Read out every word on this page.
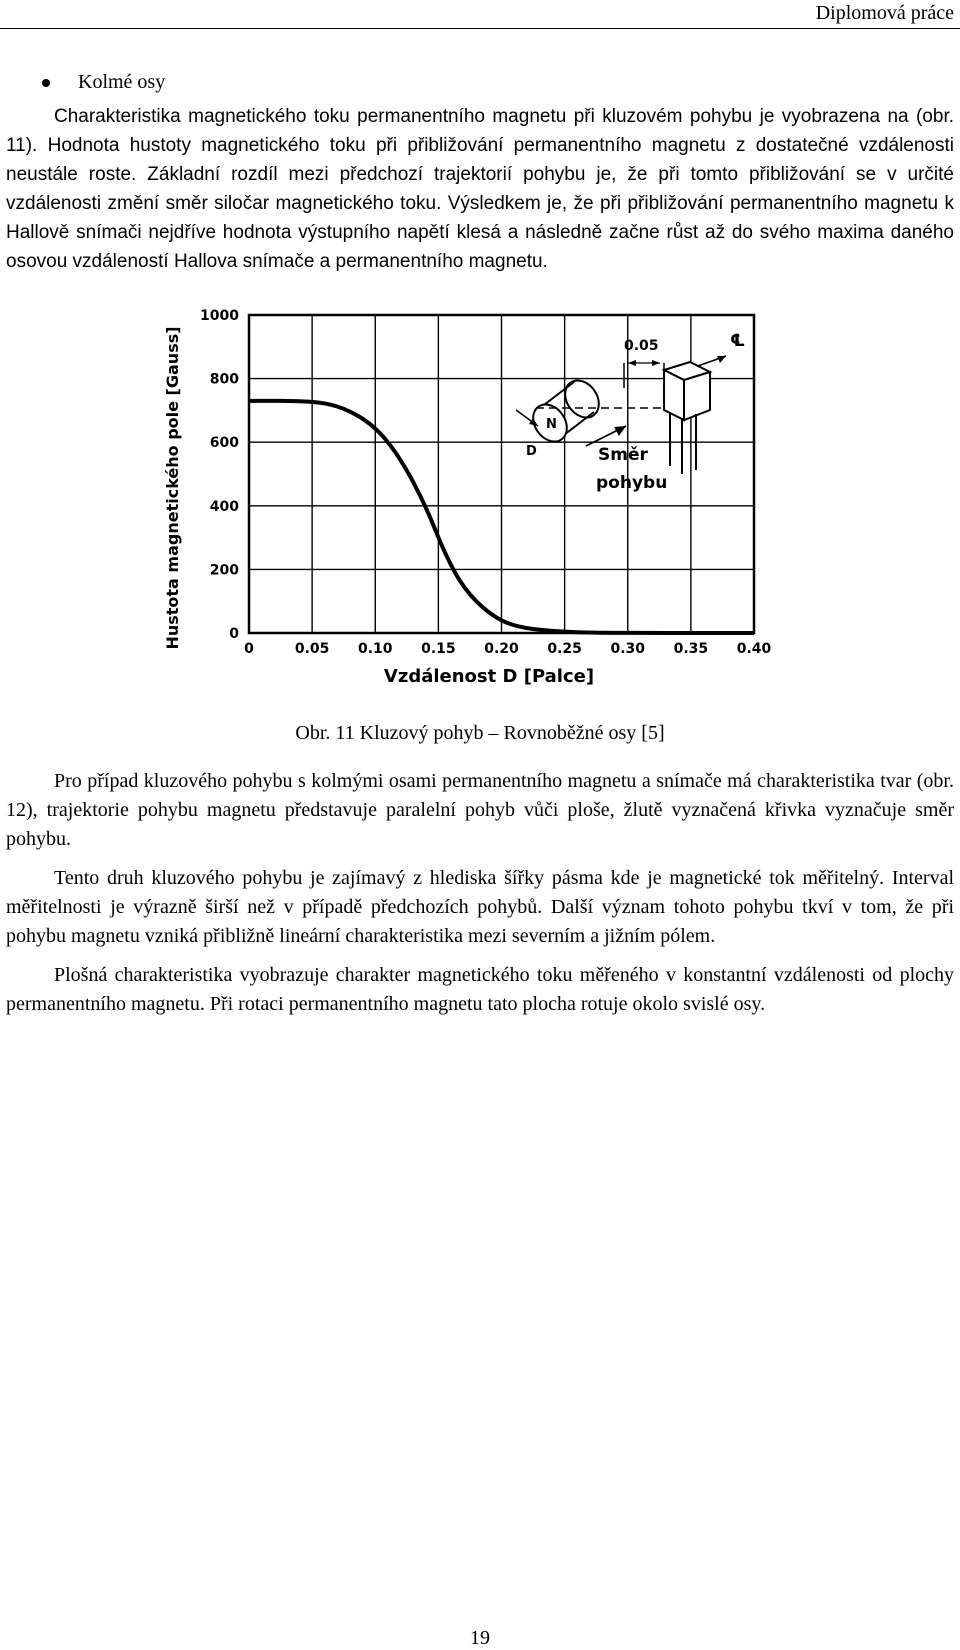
Diplomová práce

Kolmé osy

Charakteristika magnetického toku permanentního magnetu při kluzovém pohybu je vyobrazena na (obr. 11). Hodnota hustoty magnetického toku při přibližování permanentního magnetu z dostatečné vzdálenosti neustále roste. Základní rozdíl mezi předchozí trajektorií pohybu je, že při tomto přibližování se v určité vzdálenosti změní směr siločar magnetického toku. Výsledkem je, že při přibližování permanentního magnetu k Hallově snímači nejdříve hodnota výstupního napětí klesá a následně začne růst až do svého maxima daného osovou vzdáleností Hallova snímače a permanentního magnetu.

0	0.05 0.10 0.15 0.20 0.25 0.30 0.35 0.40
0
200
400
600
800
1000
0.05
N
D	Směr
pohybu
℄
Hustota magnetického pole [Gauss]
Vzdálenost D [Palce]

Obr. 11 Kluzový pohyb – Rovnoběžné osy [5]

Pro případ kluzového pohybu s kolmými osami permanentního magnetu a snímače má charakteristika tvar (obr. 12), trajektorie pohybu magnetu představuje paralelní pohyb vůči ploše, žlutě vyznačená křivka vyznačuje směr pohybu.

Tento druh kluzového pohybu je zajímavý z hlediska šířky pásma kde je magnetické tok měřitelný. Interval měřitelnosti je výrazně širší než v případě předchozích pohybů. Další význam tohoto pohybu tkví v tom, že při pohybu magnetu vzniká přibližně lineární charakteristika mezi severním a jižním pólem.

Plošná charakteristika vyobrazuje charakter magnetického toku měřeného v konstantní vzdálenosti od plochy permanentního magnetu. Při rotaci permanentního magnetu tato plocha rotuje okolo svislé osy.

19
